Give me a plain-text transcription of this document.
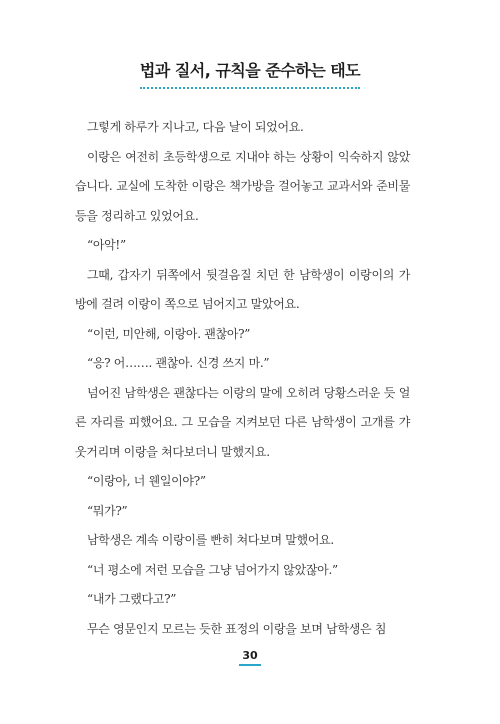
법과 질서, 규칙을 준수하는 태도

그렇게 하루가 지나고, 다음 날이 되었어요.

이랑은 여전히 초등학생으로 지내야 하는 상황이 익숙하지 않았습니다. 교실에 도착한 이랑은 책가방을 걸어놓고 교과서와 준비물 등을 정리하고 있었어요.

“아악!”

그때, 갑자기 뒤쪽에서 뒷걸음질 치던 한 남학생이 이랑이의 가방에 걸려 이랑이 쪽으로 넘어지고 말았어요.

“이런, 미안해, 이랑아. 괜찮아?”

“응? 어……. 괜찮아. 신경 쓰지 마.”

넘어진 남학생은 괜찮다는 이랑의 말에 오히려 당황스러운 듯 얼른 자리를 피했어요. 그 모습을 지켜보던 다른 남학생이 고개를 갸웃거리며 이랑을 쳐다보더니 말했지요.

“이랑아, 너 웬일이야?”

“뭐가?”

남학생은 계속 이랑이를 빤히 쳐다보며 말했어요.

“너 평소에 저런 모습을 그냥 넘어가지 않았잖아.”

“내가 그랬다고?”

무슨 영문인지 모르는 듯한 표정의 이랑을 보며 남학생은 침

30
